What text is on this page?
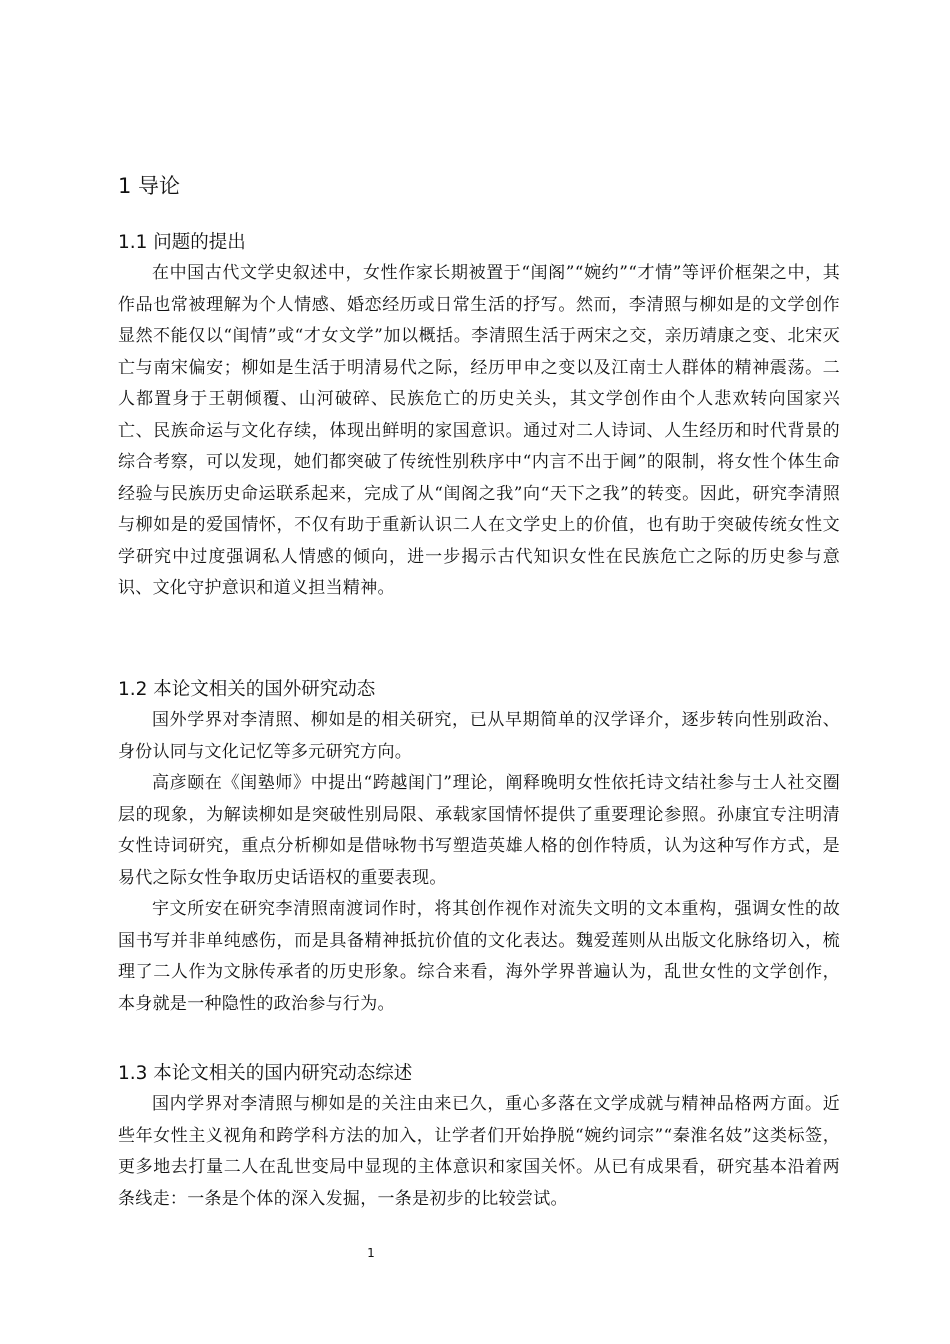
1 导论
1.1 问题的提出

在中国古代文学史叙述中，女性作家长期被置于“闺阁”“婉约”“才情”等评价框架之中，其作品也常被理解为个人情感、婚恋经历或日常生活的抒写。然而，李清照与柳如是的文学创作显然不能仅以“闺情”或“才女文学”加以概括。李清照生活于两宋之交，亲历靖康之变、北宋灭亡与南宋偏安；柳如是生活于明清易代之际，经历甲申之变以及江南士人群体的精神震荡。二人都置身于王朝倾覆、山河破碎、民族危亡的历史关头，其文学创作由个人悲欢转向国家兴亡、民族命运与文化存续，体现出鲜明的家国意识。通过对二人诗词、人生经历和时代背景的综合考察，可以发现，她们都突破了传统性别秩序中“内言不出于阃”的限制，将女性个体生命经验与民族历史命运联系起来，完成了从“闺阁之我”向“天下之我”的转变。因此，研究李清照与柳如是的爱国情怀，不仅有助于重新认识二人在文学史上的价值，也有助于突破传统女性文学研究中过度强调私人情感的倾向，进一步揭示古代知识女性在民族危亡之际的历史参与意识、文化守护意识和道义担当精神。

1.2 本论文相关的国外研究动态

国外学界对李清照、柳如是的相关研究，已从早期简单的汉学译介，逐步转向性别政治、身份认同与文化记忆等多元研究方向。

高彦颐在《闺塾师》中提出“跨越闺门”理论，阐释晚明女性依托诗文结社参与士人社交圈层的现象，为解读柳如是突破性别局限、承载家国情怀提供了重要理论参照。孙康宜专注明清女性诗词研究，重点分析柳如是借咏物书写塑造英雄人格的创作特质，认为这种写作方式，是易代之际女性争取历史话语权的重要表现。

宇文所安在研究李清照南渡词作时，将其创作视作对流失文明的文本重构，强调女性的故国书写并非单纯感伤，而是具备精神抵抗价值的文化表达。魏爱莲则从出版文化脉络切入，梳理了二人作为文脉传承者的历史形象。综合来看，海外学界普遍认为，乱世女性的文学创作，本身就是一种隐性的政治参与行为。

1.3 本论文相关的国内研究动态综述

国内学界对李清照与柳如是的关注由来已久，重心多落在文学成就与精神品格两方面。近些年女性主义视角和跨学科方法的加入，让学者们开始挣脱“婉约词宗”“秦淮名妓”这类标签，更多地去打量二人在乱世变局中显现的主体意识和家国关怀。从已有成果看，研究基本沿着两条线走：一条是个体的深入发掘，一条是初步的比较尝试。

1
